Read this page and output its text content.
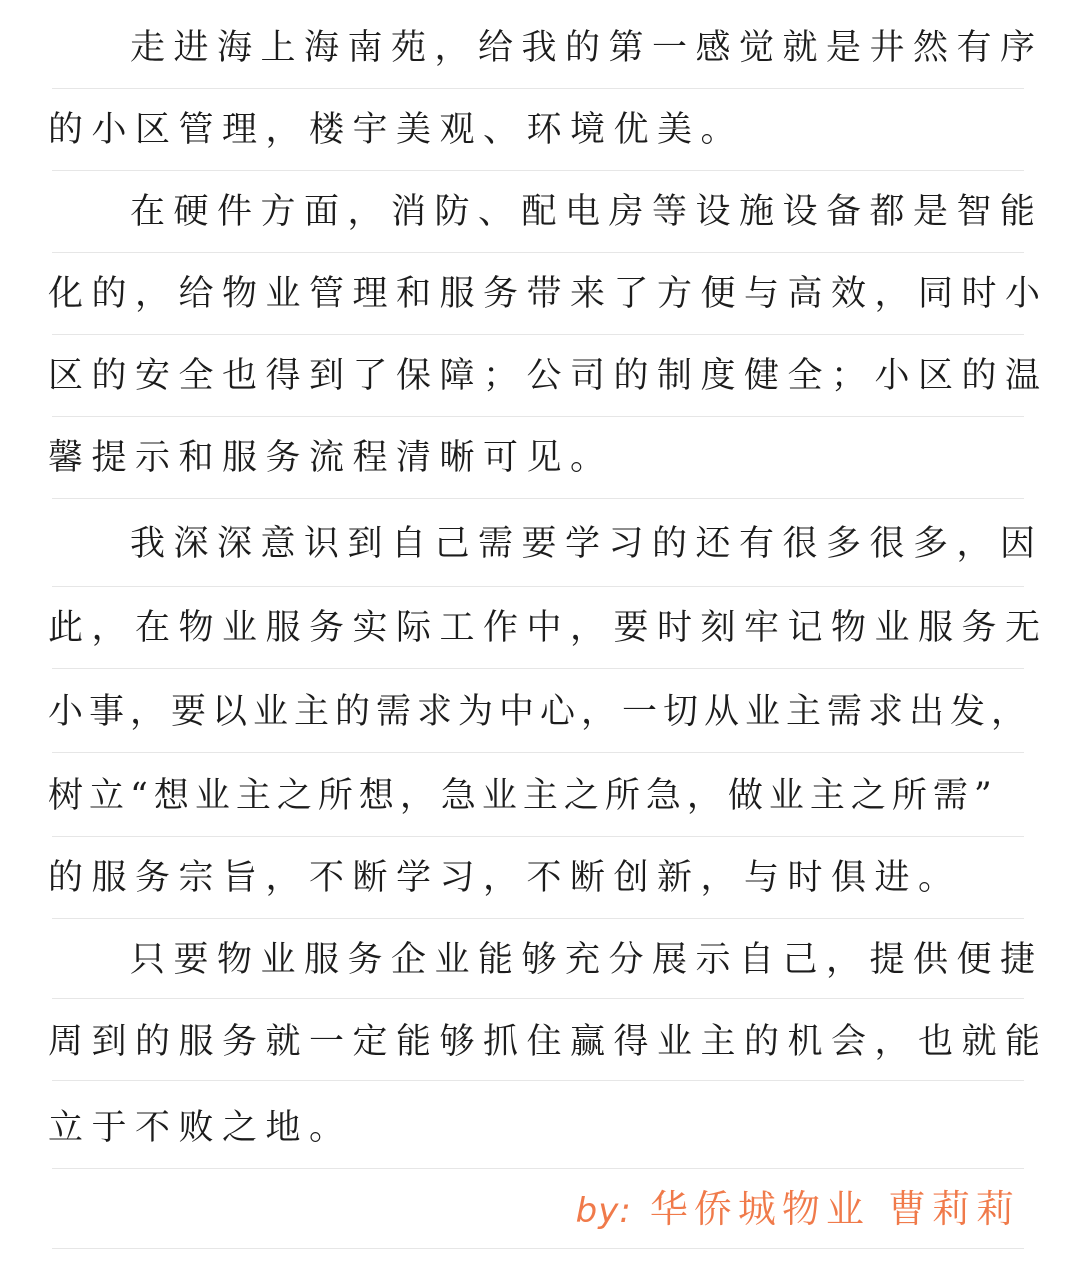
走进海上海南苑，给我的第一感觉就是井然有序
的小区管理，楼宇美观、环境优美。
在硬件方面，消防、配电房等设施设备都是智能
化的，给物业管理和服务带来了方便与高效，同时小
区的安全也得到了保障；公司的制度健全；小区的温
馨提示和服务流程清晰可见。
我深深意识到自己需要学习的还有很多很多，因
此，在物业服务实际工作中，要时刻牢记物业服务无
小事，要以业主的需求为中心，一切从业主需求出发，
树立“想业主之所想，急业主之所急，做业主之所需”
的服务宗旨，不断学习，不断创新，与时俱进。
只要物业服务企业能够充分展示自己，提供便捷
周到的服务就一定能够抓住赢得业主的机会，也就能
立于不败之地。
by: 华侨城物业 曹莉莉
